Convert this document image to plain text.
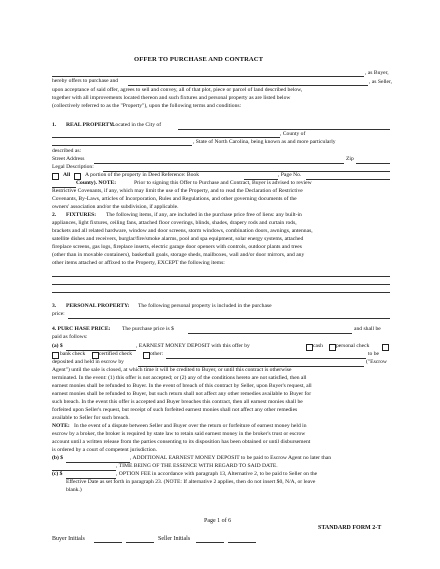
OFFER TO PURCHASE AND CONTRACT
, as Buyer,
hereby offers to purchase and	, as Seller,
upon acceptance of said offer, agrees to sell and convey, all of that plot, piece or parcel of land described below,
together with all improvements located thereon and such fixtures and personal property as are listed below
(collectively referred to as the "Property"), upon the following terms and conditions:
1. REAL PROPERTY:
Located in the City of
, County of
, State of North Carolina, being known as and more particularly
described as:
Street Address	Zip
Legal Description:
All	A portion of the property in Deed Reference: Book	, Page No.
County). NOTE:	Prior to signing this Offer to Purchase and Contract, Buyer is advised to review
Restrictive Covenants, if any, which may limit the use of the Property, and to read the Declaration of Restrictive
Covenants, By-Laws, articles of Incorporation, Rules and Regulations, and other governing documents of the
owners' association and/or the subdivision, if applicable.
2. FIXTURES: The following items, if any, are included in the purchase price free of liens: any built-in
appliances, light fixtures, ceiling fans, attached floor coverings, blinds, shades, drapery rods and curtain rods,
brackets and all related hardware, window and door screens, storm windows, combination doors, awnings, antennas,
satellite dishes and receivers, burglar/fire/smoke alarms, pool and spa equipment, solar energy systems, attached
fireplace screens, gas logs, fireplace inserts, electric garage door openers with controls, outdoor plants and trees
(other than in movable containers), basketball goals, storage sheds, mailboxes, wall and/or door mirrors, and any
other items attached or affixed to the Property, EXCEPT the following items:
3. PERSONAL PROPERTY: The following personal property is included in the purchase
price:
4. PURC HASE PRICE: The purchase price is $	and shall be
paid as follows:
(a) $	, EARNEST MONEY DEPOSIT with this offer by	cash personal check
bank check certified check	other:	to be
deposited and held in escrow by	("Escrow
Agent") until the sale is closed, at which time it will be credited to Buyer, or until this contract is otherwise
terminated. In the event: (1) this offer is not accepted; or (2) any of the conditions hereto are not satisfied, then all
earnest monies shall be refunded to Buyer. In the event of breach of this contract by Seller, upon Buyer's request, all
earnest monies shall be refunded to Buyer, but such return shall not affect any other remedies available to Buyer for
such breach. In the event this offer is accepted and Buyer breaches this contract, then all earnest monies shall be
forfeited upon Seller's request, but receipt of such forfeited earnest monies shall not affect any other remedies
available to Seller for such breach.
NOTE: In the event of a dispute between Seller and Buyer over the return or forfeiture of earnest money held in
escrow by a broker, the broker is required by state law to retain said earnest money in the broker's trust or escrow
account until a written release from the parties consenting to its disposition has been obtained or until disbursement
is ordered by a court of competent jurisdiction.
(b) $	, ADDITIONAL EARNEST MONEY DEPOSIT to be paid to Escrow Agent no later than
, TIME BEING OF THE ESSENCE WITH REGARD TO SAID DATE.
(c) $	, OPTION FEE in accordance with paragraph 13, Alternative 2, to be paid to Seller on the
Effective Date as set forth in paragraph 23. (NOTE: If alternative 2 applies, then do not insert $0, N/A, or leave
blank.)
Page 1 of 6
STANDARD FORM 2-T
Buyer Initials	Seller Initials
